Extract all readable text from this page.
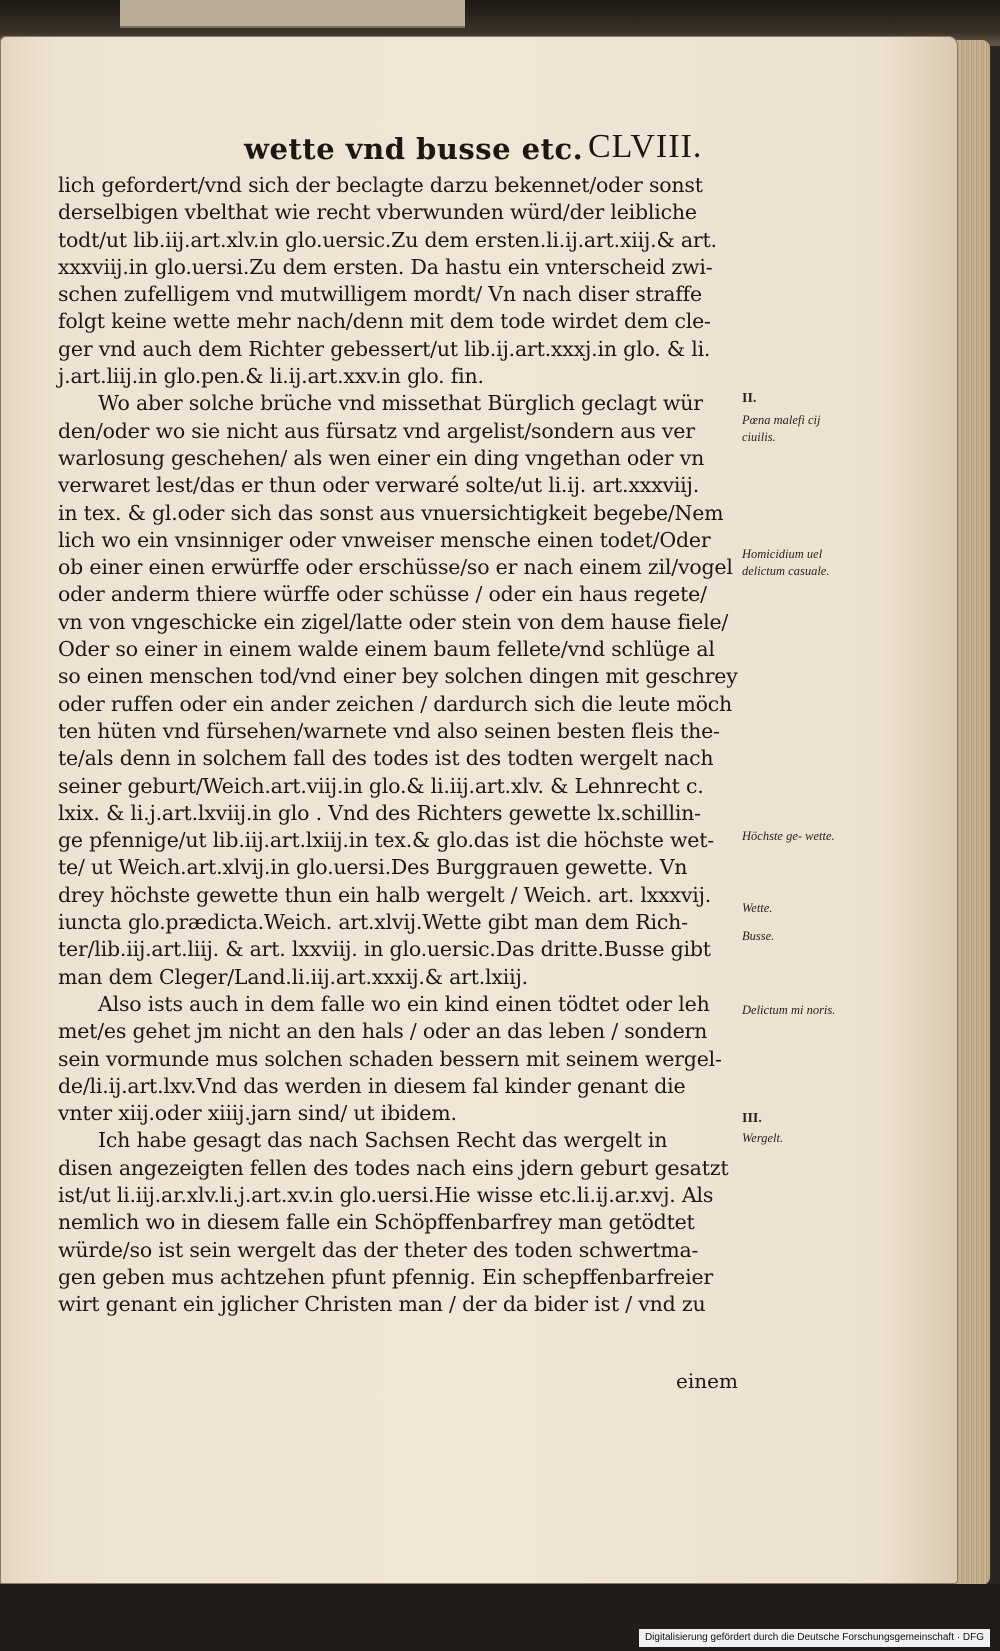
wette vnd busse etc. CLVIII.
lich gefordert/vnd sich der beclagte darzu bekennet/oder sonst
derselbigen vbelthat wie recht vberwunden würd/der leibliche
todt/ut lib.iij.art.xlv.in glo.uersic.Zu dem ersten.li.ij.art.xiij.& art.
xxxviij.in glo.uersi.Zu dem ersten. Da hastu ein vnterscheid zwi-
schen zufelligem vnd mutwilligem mordt/ Vn nach diser straffe
folgt keine wette mehr nach/denn mit dem tode wirdet dem cle-
ger vnd auch dem Richter gebessert/ut lib.ij.art.xxxj.in glo. & li.
j.art.liij.in glo.pen.& li.ij.art.xxv.in glo. fin.
Wo aber solche brüche vnd missethat Bürglich geclagt wür
den/oder wo sie nicht aus fürsatz vnd argelist/sondern aus ver
warlosung geschehen/ als wen einer ein ding vngethan oder vn
verwaret lest/das er thun oder verwaré solte/ut li.ij. art.xxxviij.
in tex. & gl.oder sich das sonst aus vnuersichtigkeit begebe/Nem
lich wo ein vnsinniger oder vnweiser mensche einen todet/Oder
ob einer einen erwürffe oder erschüsse/so er nach einem zil/vogel
oder anderm thiere würffe oder schüsse / oder ein haus regete/
vn von vngeschicke ein zigel/latte oder stein von dem hause fiele/
Oder so einer in einem walde einem baum fellete/vnd schlüge al
so einen menschen tod/vnd einer bey solchen dingen mit geschrey
oder ruffen oder ein ander zeichen / dardurch sich die leute möch
ten hüten vnd fürsehen/warnete vnd also seinen besten fleis the-
te/als denn in solchem fall des todes ist des todten wergelt nach
seiner geburt/Weich.art.viij.in glo.& li.iij.art.xlv. & Lehnrecht c.
lxix. & li.j.art.lxviij.in glo . Vnd des Richters gewette lx.schillin-
ge pfennige/ut lib.iij.art.lxiij.in tex.& glo.das ist die höchste wet-
te/ ut Weich.art.xlvij.in glo.uersi.Des Burggrauen gewette. Vn
drey höchste gewette thun ein halb wergelt / Weich. art. lxxxvij.
iuncta glo.prædicta.Weich. art.xlvij.Wette gibt man dem Rich-
ter/lib.iij.art.liij. & art. lxxviij. in glo.uersic.Das dritte.Busse gibt
man dem Cleger/Land.li.iij.art.xxxij.& art.lxiij.
Also ists auch in dem falle wo ein kind einen tödtet oder leh
met/es gehet jm nicht an den hals / oder an das leben / sondern
sein vormunde mus solchen schaden bessern mit seinem wergel-
de/li.ij.art.lxv.Vnd das werden in diesem fal kinder genant die
vnter xiij.oder xiiij.jarn sind/ ut ibidem.
Ich habe gesagt das nach Sachsen Recht das wergelt in
disen angezeigten fellen des todes nach eins jdern geburt gesatzt
ist/ut li.iij.ar.xlv.li.j.art.xv.in glo.uersi.Hie wisse etc.li.ij.ar.xvj. Als
nemlich wo in diesem falle ein Schöpffenbarfrey man getödtet
würde/so ist sein wergelt das der theter des toden schwertma-
gen geben mus achtzehen pfunt pfennig. Ein schepffenbarfreier
wirt genant ein jglicher Christen man / der da bider ist / vnd zu
II.
Pœna malefi cij ciuilis.
Homicidium uel delictum casuale.
Höchste ge- wette.
Wette.
Busse.
Delictum mi noris.
III.
Wergelt.
einem
Digitalisierung gefördert durch die Deutsche Forschungsgemeinschaft · DFG
